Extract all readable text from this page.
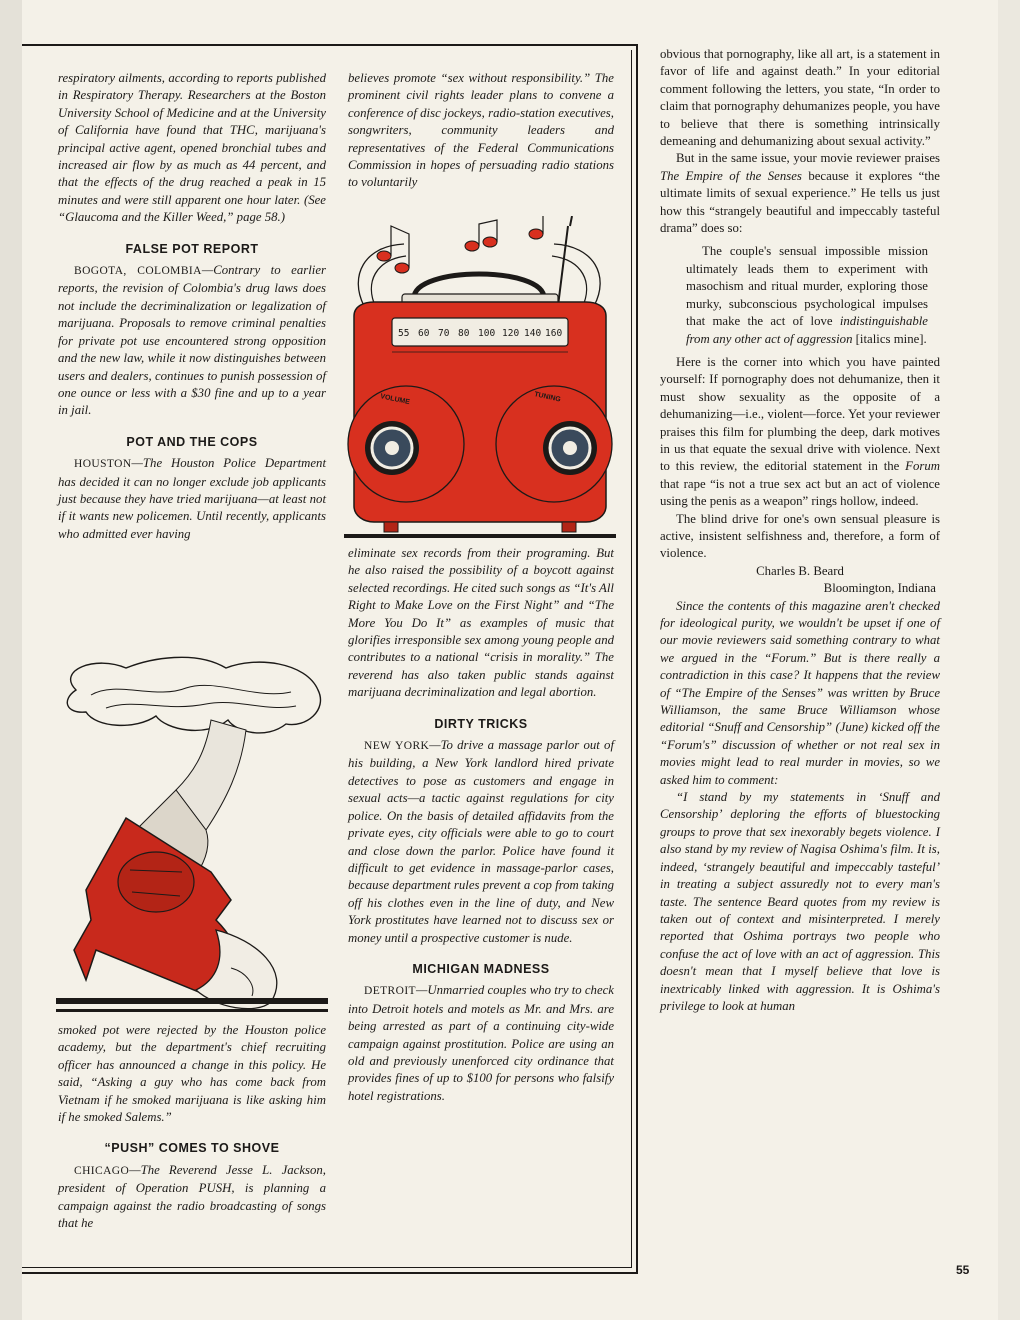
respiratory ailments, according to reports published in Respiratory Therapy. Researchers at the Boston University School of Medicine and at the University of California have found that THC, marijuana's principal active agent, opened bronchial tubes and increased air flow by as much as 44 percent, and that the effects of the drug reached a peak in 15 minutes and were still apparent one hour later. (See “Glaucoma and the Killer Weed,” page 58.)

FALSE POT REPORT

BOGOTA, COLOMBIA—Contrary to earlier reports, the revision of Colombia's drug laws does not include the decriminalization or legalization of marijuana. Proposals to remove criminal penalties for private pot use encountered strong opposition and the new law, while it now distinguishes between users and dealers, continues to punish possession of one ounce or less with a $30 fine and up to a year in jail.

POT AND THE COPS

HOUSTON—The Houston Police Department has decided it can no longer exclude job applicants just because they have tried marijuana—at least not if it wants new policemen. Until recently, applicants who admitted ever having

smoked pot were rejected by the Houston police academy, but the department's chief recruiting officer has announced a change in this policy. He said, “Asking a guy who has come back from Vietnam if he smoked marijuana is like asking him if he smoked Salems.”

“PUSH” COMES TO SHOVE

CHICAGO—The Reverend Jesse L. Jackson, president of Operation PUSH, is planning a campaign against the radio broadcasting of songs that he

believes promote “sex without responsibility.” The prominent civil rights leader plans to convene a conference of disc jockeys, radio-station executives, songwriters, community leaders and representatives of the Federal Communications Commission in hopes of persuading radio stations to voluntarily

55 60 70 80 100 120 140 160
VOLUME	TUNING

eliminate sex records from their programing. But he also raised the possibility of a boycott against selected recordings. He cited such songs as “It's All Right to Make Love on the First Night” and “The More You Do It” as examples of music that glorifies irresponsible sex among young people and contributes to a national “crisis in morality.” The reverend has also taken public stands against marijuana decriminalization and legal abortion.

DIRTY TRICKS

NEW YORK—To drive a massage parlor out of his building, a New York landlord hired private detectives to pose as customers and engage in sexual acts—a tactic against regulations for city police. On the basis of detailed affidavits from the private eyes, city officials were able to go to court and close down the parlor. Police have found it difficult to get evidence in massage-parlor cases, because department rules prevent a cop from taking off his clothes even in the line of duty, and New York prostitutes have learned not to discuss sex or money until a prospective customer is nude.

MICHIGAN MADNESS

DETROIT—Unmarried couples who try to check into Detroit hotels and motels as Mr. and Mrs. are being arrested as part of a continuing city-wide campaign against prostitution. Police are using an old and previously unenforced city ordinance that provides fines of up to $100 for persons who falsify hotel registrations.

obvious that pornography, like all art, is a statement in favor of life and against death.” In your editorial comment following the letters, you state, “In order to claim that pornography dehumanizes people, you have to believe that there is something intrinsically demeaning and dehumanizing about sexual activity.”

But in the same issue, your movie reviewer praises The Empire of the Senses because it explores “the ultimate limits of sexual experience.” He tells us just how this “strangely beautiful and impeccably tasteful drama” does so:

The couple's sensual impossible mission ultimately leads them to experiment with masochism and ritual murder, exploring those murky, subconscious psychological impulses that make the act of love indistinguishable from any other act of aggression [italics mine].

Here is the corner into which you have painted yourself: If pornography does not dehumanize, then it must show sexuality as the opposite of a dehumanizing—i.e., violent—force. Yet your reviewer praises this film for plumbing the deep, dark motives in us that equate the sexual drive with violence. Next to this review, the editorial statement in the Forum that rape “is not a true sex act but an act of violence using the penis as a weapon” rings hollow, indeed.

The blind drive for one's own sensual pleasure is active, insistent selfishness and, therefore, a form of violence.

Charles B. Beard

Bloomington, Indiana

Since the contents of this magazine aren't checked for ideological purity, we wouldn't be upset if one of our movie reviewers said something contrary to what we argued in the “Forum.” But is there really a contradiction in this case? It happens that the review of “The Empire of the Senses” was written by Bruce Williamson, the same Bruce Williamson whose editorial “Snuff and Censorship” (June) kicked off the “Forum's” discussion of whether or not real sex in movies might lead to real murder in movies, so we asked him to comment:

“I stand by my statements in ‘Snuff and Censorship’ deploring the efforts of bluestocking groups to prove that sex inexorably begets violence. I also stand by my review of Nagisa Oshima's film. It is, indeed, ‘strangely beautiful and impeccably tasteful’ in treating a subject assuredly not to every man's taste. The sentence Beard quotes from my review is taken out of context and misinterpreted. I merely reported that Oshima portrays two people who confuse the act of love with an act of aggression. This doesn't mean that I myself believe that love is inextricably linked with aggression. It is Oshima's privilege to look at human

55
